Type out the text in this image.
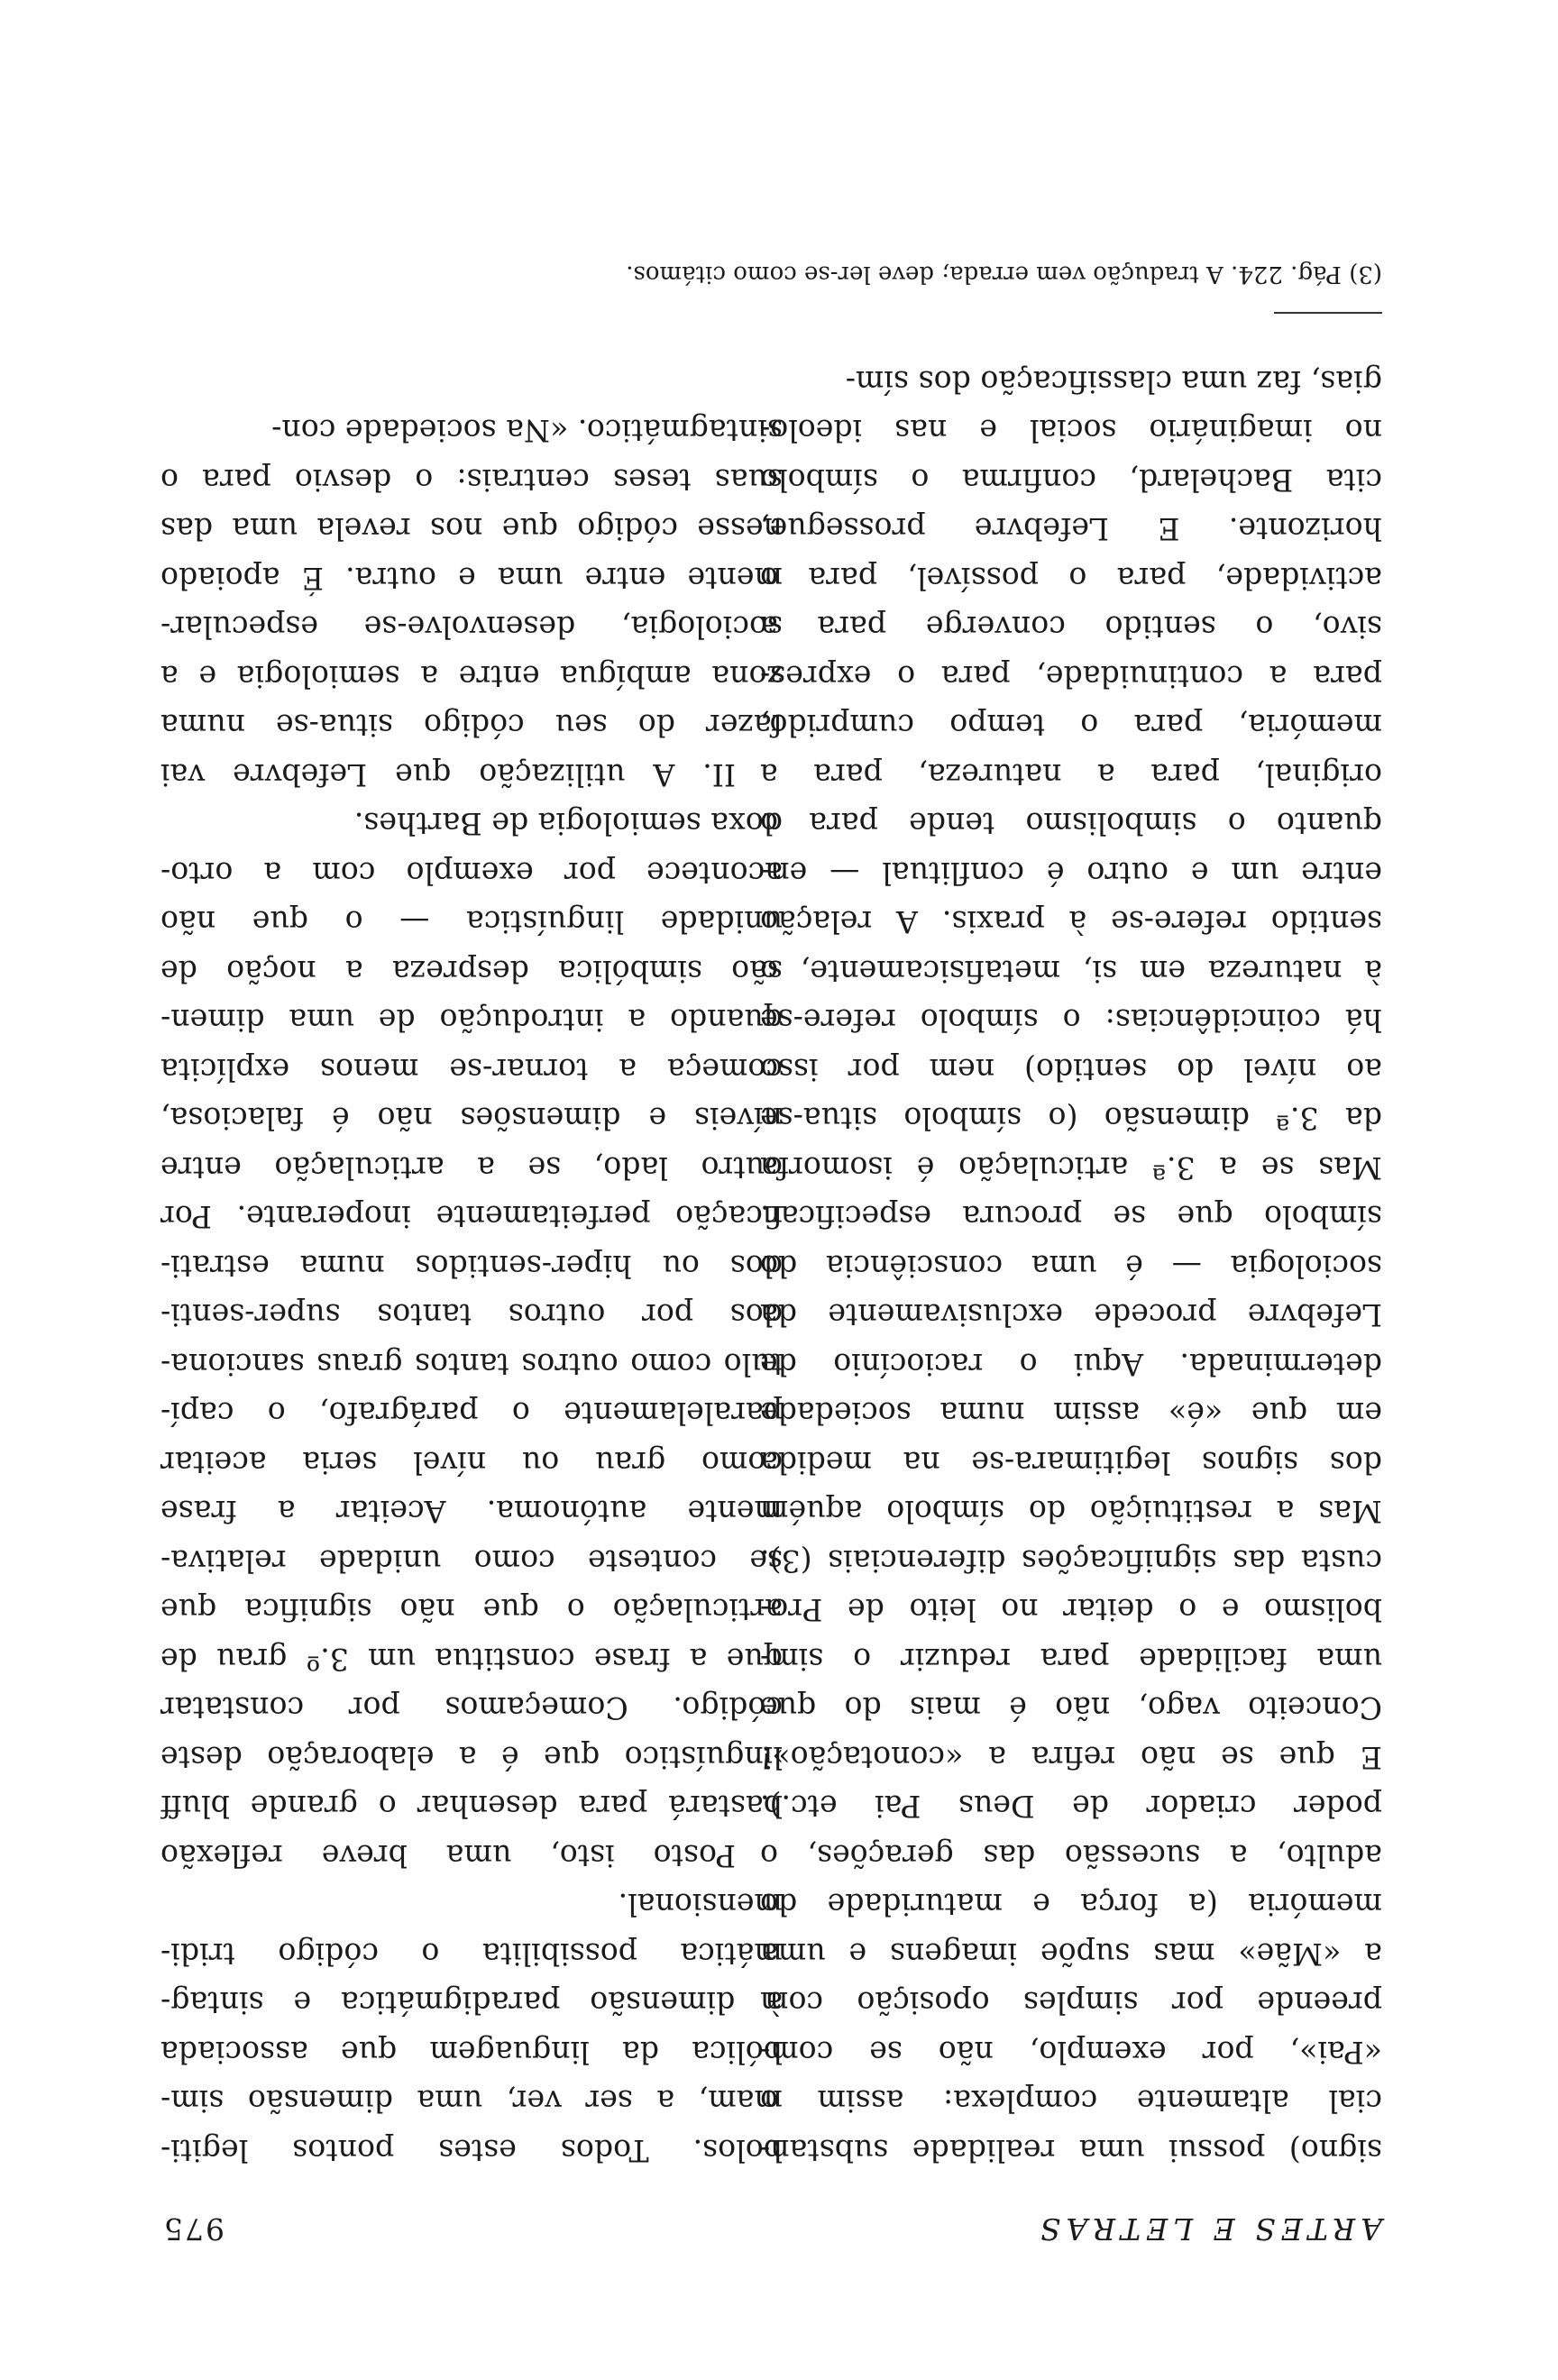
ARTES E LETRAS
975
signo) possui uma realidade substan-
cial altamente complexa: assim o
«Pai», por exemplo, não se com-
preende por simples oposição com
a «Mãe» mas supõe imagens e uma
memória (a força e maturidade do
adulto, a sucessão das gerações, o
poder criador de Deus Pai etc.).
E que se não refira a «conotação»!
Conceito vago, não é mais do que
uma facilidade para reduzir o sim-
bolismo e o deitar no leito de Pro-
custa das significações diferenciais (3).
Mas a restituição do símbolo aquém
dos signos legitimara-se na medida
em que «é» assim numa sociedade
determinada. Aqui o raciocínio de
Lefebvre procede exclusivamente da
sociologia — é uma consciência do
símbolo que se procura especificar.
Mas se a 3.ª articulação é isomorfa
da 3.ª dimensão (o símbolo situa-se
ao nível do sentido) nem por isso
há coincidências: o símbolo refere-se
à natureza em si, metafisicamente, o
sentido refere-se à praxis. A relação
entre um e outro é conflitual — en-
quanto o simbolismo tende para o
original, para a natureza, para a
memória, para o tempo cumprido,
para a continuidade, para o expres-
sivo, o sentido converge para a
actividade, para o possível, para o
horizonte. E Lefebvre prossegue,
cita Bachelard, confirma o símbolo
no imaginário social e nas ideolo-
gias, faz uma classificação dos sím-
bolos. Todos estes pontos legiti-
mam, a ser ver, uma dimensão sim-
bólica da linguagem que associada
à dimensão paradigmática e sintag-
mática possibilita o código tridi-
mensional.
Posto isto, uma breve reflexão
bastará para desenhar o grande bluff
linguístico que é a elaboração deste
código. Começamos por constatar
que a frase constitua um 3.º grau de
articulação o que não significa que
se conteste como unidade relativa-
mente autónoma. Aceitar a frase
como grau ou nível seria aceitar
paralelamente o parágrafo, o capí-
tulo como outros tantos graus sanciona-
dos por outros tantos super-senti-
dos ou hiper-sentidos numa estrati-
ficação perfeitamente inoperante. Por
outro lado, se a articulação entre
níveis e dimensões não é falaciosa,
começa a tornar-se menos explícita
quando a introdução de uma dimen-
são simbólica despreza a noção de
unidade linguística — o que não
acontece por exemplo com a orto-
doxa semiologia de Barthes.
II. A utilização que Lefebvre vai
fazer do seu código situa-se numa
zona ambígua entre a semiologia e a
sociologia, desenvolve-se especular-
mente entre uma e outra. É apoiado
nesse código que nos revela uma das
suas teses centrais: o desvio para o
sintagmático. «Na sociedade con-
(3) Pág. 224. A tradução vem errada; deve ler-se como citámos.
